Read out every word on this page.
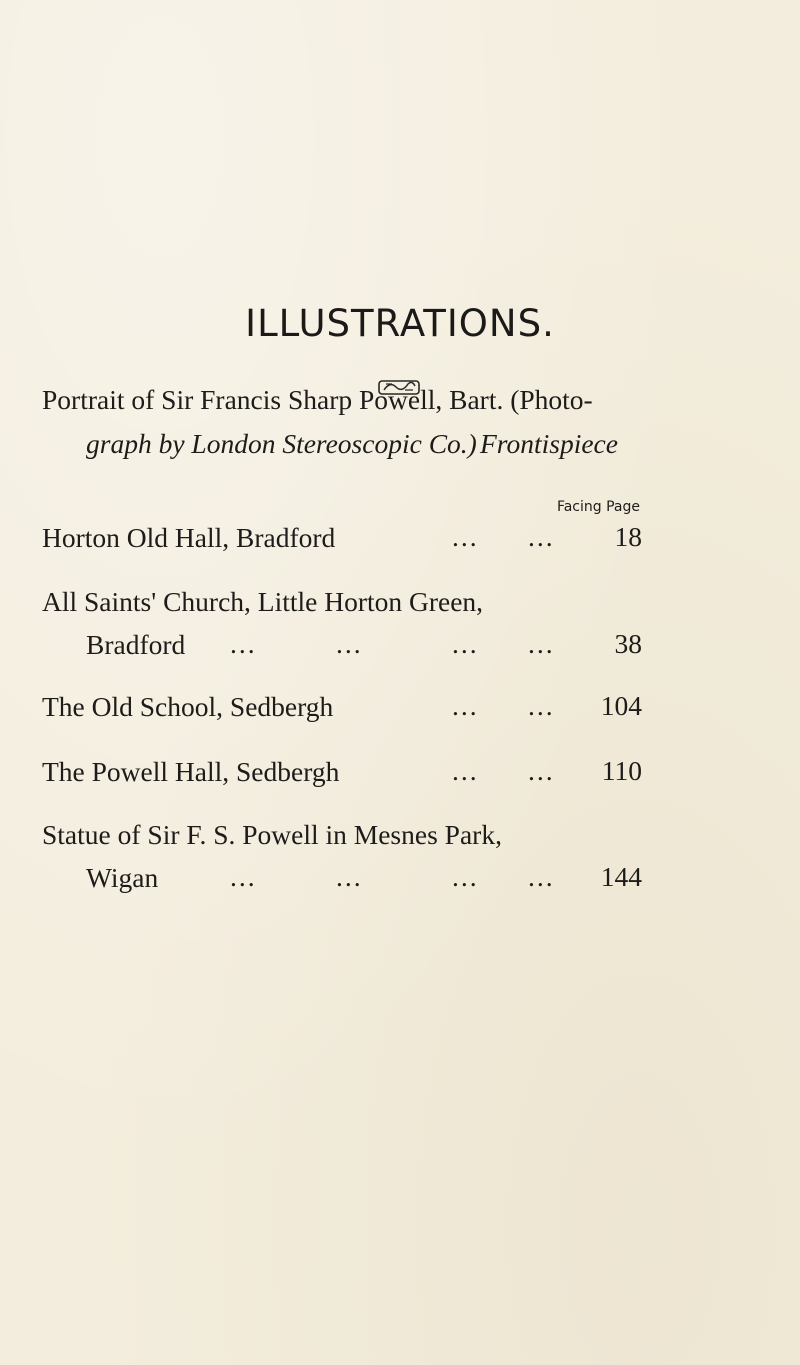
ILLUSTRATIONS.
Portrait of Sir Francis Sharp Powell, Bart. (Photo-
graph by London Stereoscopic Co.) Frontispiece
Facing Page
Horton Old Hall, Bradford	... ...	18
All Saints' Church, Little Horton Green,
Bradford	...	...	... ...	38
The Old School, Sedbergh	... ... 104
The Powell Hall, Sedbergh	... ... 110
Statue of Sir F. S. Powell in Mesnes Park,
Wigan	...	...	... ... 144
